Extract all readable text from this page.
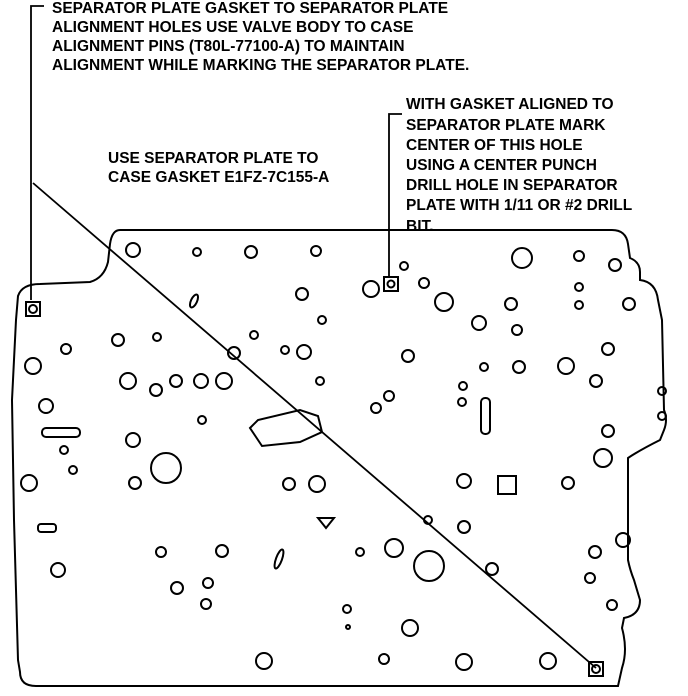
SEPARATOR PLATE GASKET TO SEPARATOR PLATE
ALIGNMENT HOLES USE VALVE BODY TO CASE
ALIGNMENT PINS (T80L-77100-A) TO MAINTAIN
ALIGNMENT WHILE MARKING THE SEPARATOR PLATE.
USE SEPARATOR PLATE TO
CASE GASKET E1FZ-7C155-A
WITH GASKET ALIGNED TO
SEPARATOR PLATE MARK
CENTER OF THIS HOLE
USING A CENTER PUNCH
DRILL HOLE IN SEPARATOR
PLATE WITH 1/11 OR #2 DRILL
BIT.
